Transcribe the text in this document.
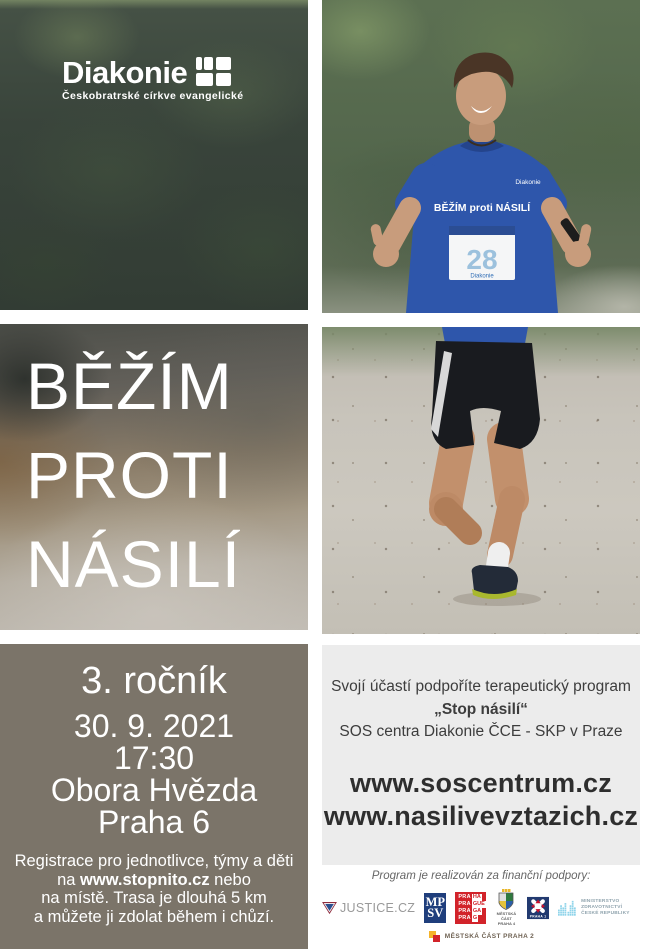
Diakonie
Českobratrské církve evangelické
Diakonie
BĚŽÍM proti NÁSILÍ
28
Diakonie
BĚŽÍM
PROTI
NÁSILÍ
3. ročník
30. 9. 2021
17:30
Obora Hvězda
Praha 6
Registrace pro jednotlivce, týmy a děti
na www.stopnito.cz nebo
na místě. Trasa je dlouhá 5 km
a můžete ji zdolat během i chůzí.
Svojí účastí podpoříte terapeutický program
„Stop násilí“
SOS centra Diakonie ČCE - SKP v Praze
www.soscentrum.cz
www.nasilivevztazich.cz
Program je realizován za finanční podpory:
JUSTICE.CZ MP
SV
PRA HA
PRA GUE
PRA GA
PRA G
MĚSTSKÁ ČÁST
PRAHA 4
PRAHA 1
MINISTERSTVO ZDRAVOTNICTVÍ
ČESKÉ REPUBLIKY
MĚSTSKÁ ČÁST PRAHA 2
